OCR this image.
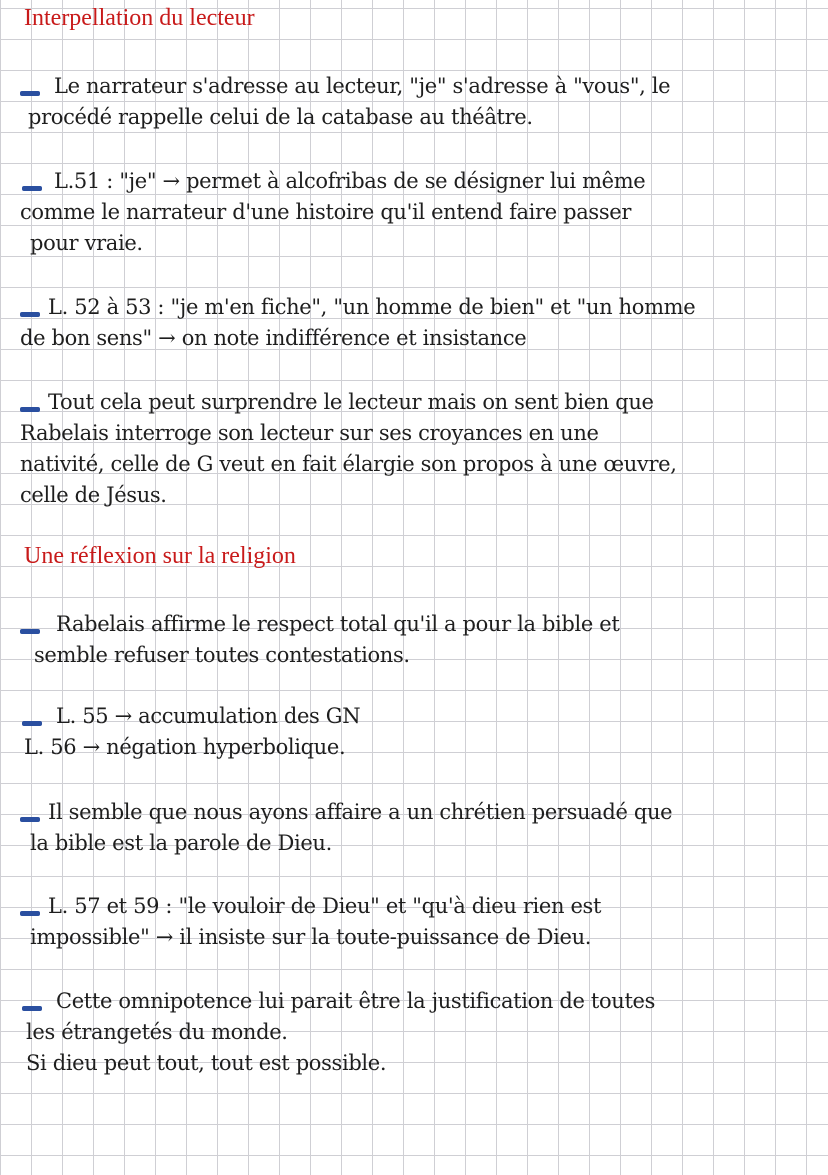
Interpellation du lecteur

Le narrateur s'adresse au lecteur, "je" s'adresse à "vous", le
procédé rappelle celui de la catabase au théâtre.

L.51 : "je" → permet à alcofribas de se désigner lui même
comme le narrateur d'une histoire qu'il entend faire passer
pour vraie.

L. 52 à 53 : "je m'en fiche", "un homme de bien" et "un homme
de bon sens" → on note indifférence et insistance

Tout cela peut surprendre le lecteur mais on sent bien que
Rabelais interroge son lecteur sur ses croyances en une
nativité, celle de G veut en fait élargie son propos à une œuvre,
celle de Jésus.

Une réflexion sur la religion

Rabelais affirme le respect total qu'il a pour la bible et
semble refuser toutes contestations.

L. 55 → accumulation des GN
L. 56 → négation hyperbolique.

Il semble que nous ayons affaire a un chrétien persuadé que
la bible est la parole de Dieu.

L. 57 et 59 : "le vouloir de Dieu" et "qu'à dieu rien est
impossible" → il insiste sur la toute-puissance de Dieu.

Cette omnipotence lui parait être la justification de toutes
les étrangetés du monde.
Si dieu peut tout, tout est possible.
